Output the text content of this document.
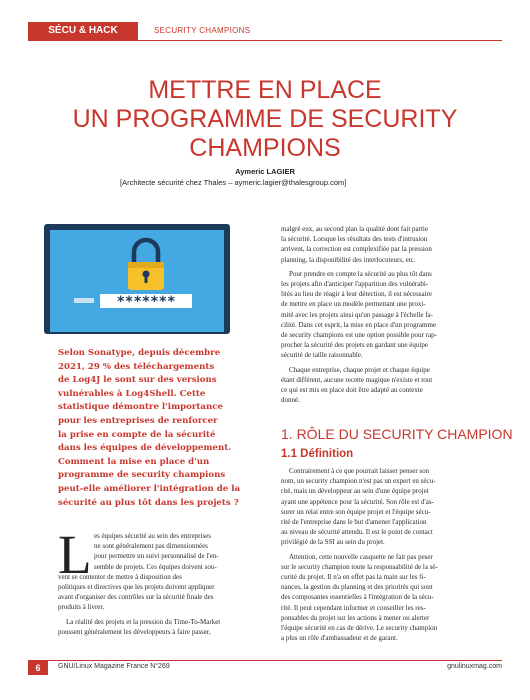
SÉCU & HACK	SECURITY CHAMPIONS
METTRE EN PLACE
UN PROGRAMME DE SECURITY
CHAMPIONS
Aymeric LAGIER
[Architecte sécurité chez Thales – aymeric.lagier@thalesgroup.com]
*******
Selon Sonatype, depuis décembre
2021, 29 % des téléchargements
de Log4J le sont sur des versions
vulnérables à Log4Shell. Cette
statistique démontre l'importance
pour les entreprises de renforcer
la prise en compte de la sécurité
dans les équipes de développement.
Comment la mise en place d'un
programme de security champions
peut-elle améliorer l'intégration de la
sécurité au plus tôt dans les projets ?
L es équipes sécurité au sein des entreprises
ne sont généralement pas dimensionnées
pour permettre un suivi personnalisé de l'en-
semble de projets. Ces équipes doivent sou-
vent se contenter de mettre à disposition des
politiques et directives que les projets doivent appliquer
avant d'organiser des contrôles sur la sécurité finale des
produits à livrer.

La réalité des projets et la pression du Time-To-Market
poussent généralement les développeurs à faire passer,

malgré eux, au second plan la qualité dont fait partie
la sécurité. Lorsque les résultats des tests d'intrusion
arrivent, la correction est complexifiée par la pression
planning, la disponibilité des interlocuteurs, etc.
Pour prendre en compte la sécurité au plus tôt dans
les projets afin d'anticiper l'apparition des vulnérabi-
lités au lieu de réagir à leur détection, il est nécessaire
de mettre en place un modèle permettant une proxi-
mité avec les projets ainsi qu'un passage à l'échelle fa-
cilité. Dans cet esprit, la mise en place d'un programme
de security champions est une option possible pour rap-
procher la sécurité des projets en gardant une équipe
sécurité de taille raisonnable.
Chaque entreprise, chaque projet et chaque équipe
étant différent, aucune recette magique n'existe et tout
ce qui est mis en place doit être adapté au contexte
donné.
1. RÔLE DU SECURITY CHAMPION
1.1 Définition
Contrairement à ce que pourrait laisser penser son
nom, un security champion n'est pas un expert en sécu-
rité, mais un développeur au sein d'une équipe projet
ayant une appétence pour la sécurité. Son rôle est d'as-
surer un relai entre son équipe projet et l'équipe sécu-
rité de l'entreprise dans le but d'amener l'application
au niveau de sécurité attendu. Il est le point de contact
privilégié de la SSI au sein du projet.
Attention, cette nouvelle casquette ne fait pas peser
sur le security champion toute la responsabilité de la sé-
curité du projet. Il n'a en effet pas la main sur les fi-
nances, la gestion du planning et des priorités qui sont
des composantes essentielles à l'intégration de la sécu-
rité. Il peut cependant informer et conseiller les res-
ponsables du projet sur les actions à mener ou alerter
l'équipe sécurité en cas de dérive. Le security champion
a plus un rôle d'ambassadeur et de garant.
6	GNU/Linux Magazine France N°269	gnulinuxmag.com
